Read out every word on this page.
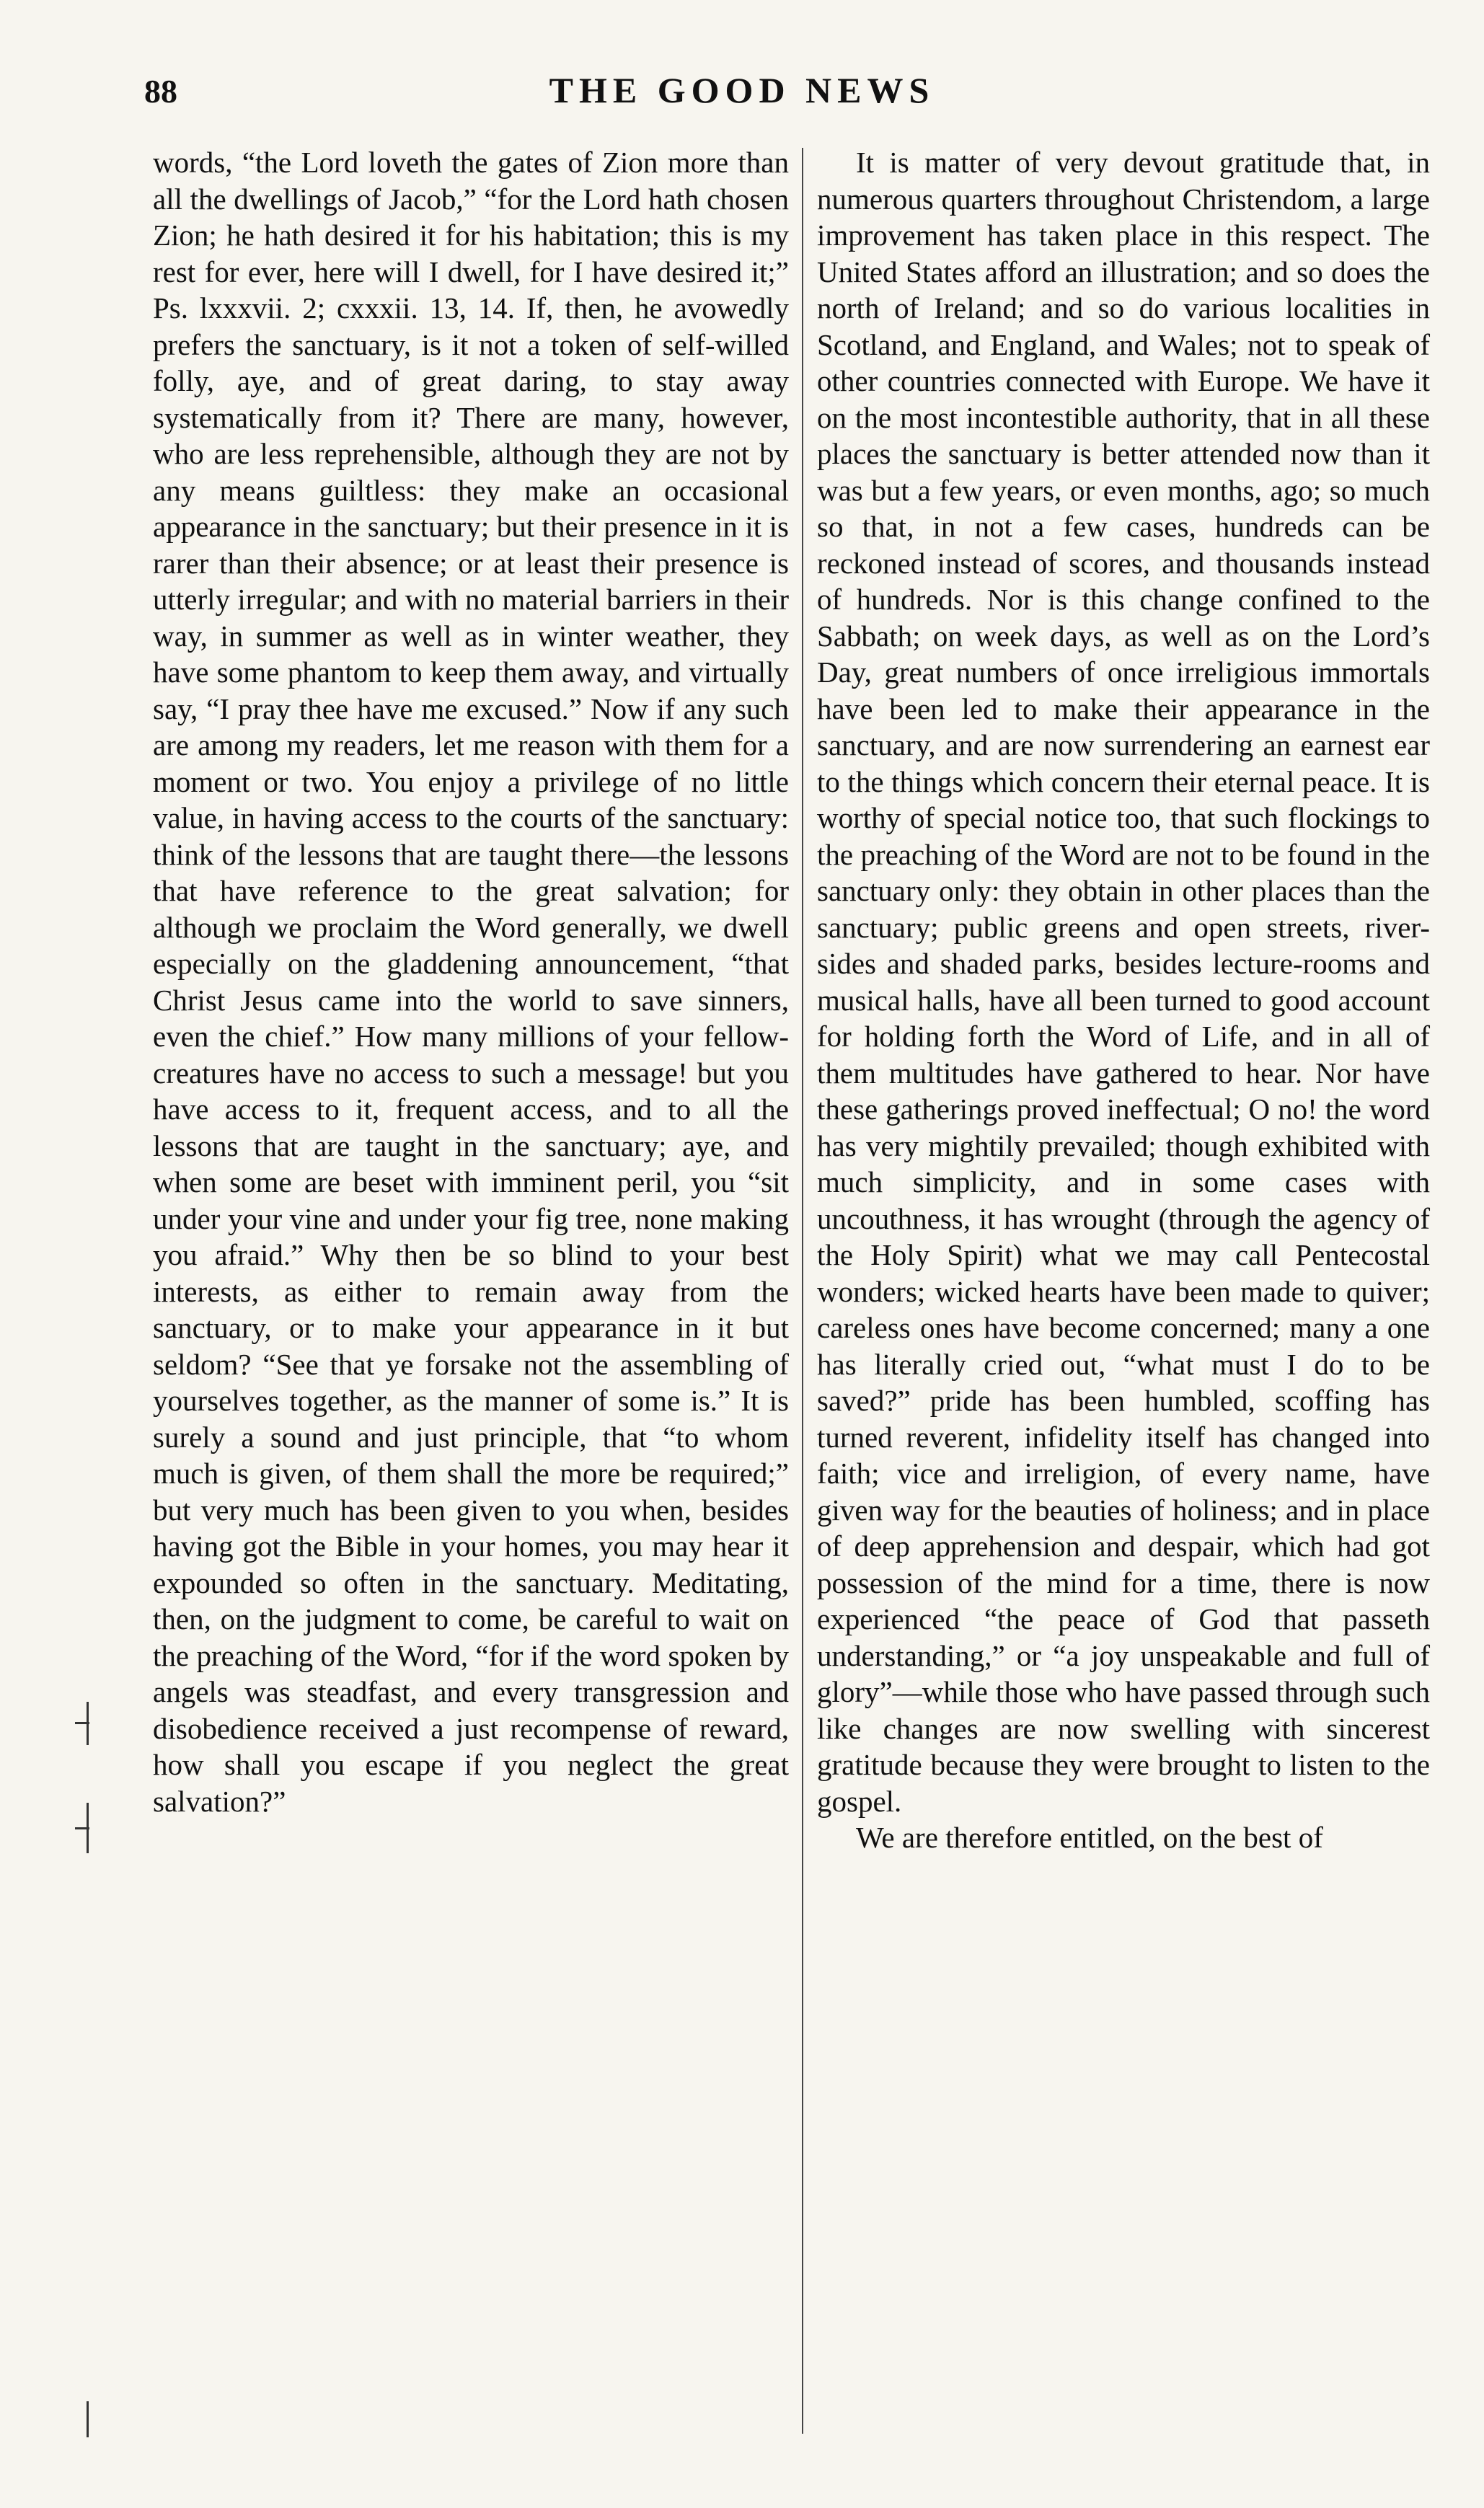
88	THE GOOD NEWS

words, “the Lord loveth the gates of Zion more than all the dwellings of Jacob,” “for the Lord hath chosen Zion; he hath desired it for his habitation; this is my rest for ever, here will I dwell, for I have desired it;” Ps. lxxxvii. 2; cxxxii. 13, 14. If, then, he avowedly prefers the sanctuary, is it not a token of self-willed folly, aye, and of great daring, to stay away systematically from it? There are many, however, who are less reprehensible, although they are not by any means guiltless: they make an occasional appearance in the sanctuary; but their presence in it is rarer than their absence; or at least their presence is utterly irregular; and with no material barriers in their way, in summer as well as in winter weather, they have some phantom to keep them away, and virtually say, “I pray thee have me excused.” Now if any such are among my readers, let me reason with them for a moment or two. You enjoy a privilege of no little value, in having access to the courts of the sanctuary: think of the lessons that are taught there—the lessons that have reference to the great salvation; for although we proclaim the Word generally, we dwell especially on the gladdening announcement, “that Christ Jesus came into the world to save sinners, even the chief.” How many millions of your fellow-creatures have no access to such a message! but you have access to it, frequent access, and to all the lessons that are taught in the sanctuary; aye, and when some are beset with imminent peril, you “sit under your vine and under your fig tree, none making you afraid.” Why then be so blind to your best interests, as either to remain away from the sanctuary, or to make your appearance in it but seldom? “See that ye forsake not the assembling of yourselves together, as the manner of some is.” It is surely a sound and just principle, that “to whom much is given, of them shall the more be required;” but very much has been given to you when, besides having got the Bible in your homes, you may hear it expounded so often in the sanctuary. Meditating, then, on the judgment to come, be careful to wait on the preaching of the Word, “for if the word spoken by angels was steadfast, and every transgression and disobedience received a just recompense of reward, how shall you escape if you neglect the great salvation?”

It is matter of very devout gratitude that, in numerous quarters throughout Christendom, a large improvement has taken place in this respect. The United States afford an illustration; and so does the north of Ireland; and so do various localities in Scotland, and England, and Wales; not to speak of other countries connected with Europe. We have it on the most incontestible authority, that in all these places the sanctuary is better attended now than it was but a few years, or even months, ago; so much so that, in not a few cases, hundreds can be reckoned instead of scores, and thousands instead of hundreds. Nor is this change confined to the Sabbath; on week days, as well as on the Lord’s Day, great numbers of once irreligious immortals have been led to make their appearance in the sanctuary, and are now surrendering an earnest ear to the things which concern their eternal peace. It is worthy of special notice too, that such flockings to the preaching of the Word are not to be found in the sanctuary only: they obtain in other places than the sanctuary; public greens and open streets, river-sides and shaded parks, besides lecture-rooms and musical halls, have all been turned to good account for holding forth the Word of Life, and in all of them multitudes have gathered to hear. Nor have these gatherings proved ineffectual; O no! the word has very mightily prevailed; though exhibited with much simplicity, and in some cases with uncouthness, it has wrought (through the agency of the Holy Spirit) what we may call Pentecostal wonders; wicked hearts have been made to quiver; careless ones have become concerned; many a one has literally cried out, “what must I do to be saved?” pride has been humbled, scoffing has turned reverent, infidelity itself has changed into faith; vice and irreligion, of every name, have given way for the beauties of holiness; and in place of deep apprehension and despair, which had got possession of the mind for a time, there is now experienced “the peace of God that passeth understanding,” or “a joy unspeakable and full of glory”—while those who have passed through such like changes are now swelling with sincerest gratitude because they were brought to listen to the gospel.

We are therefore entitled, on the best of
